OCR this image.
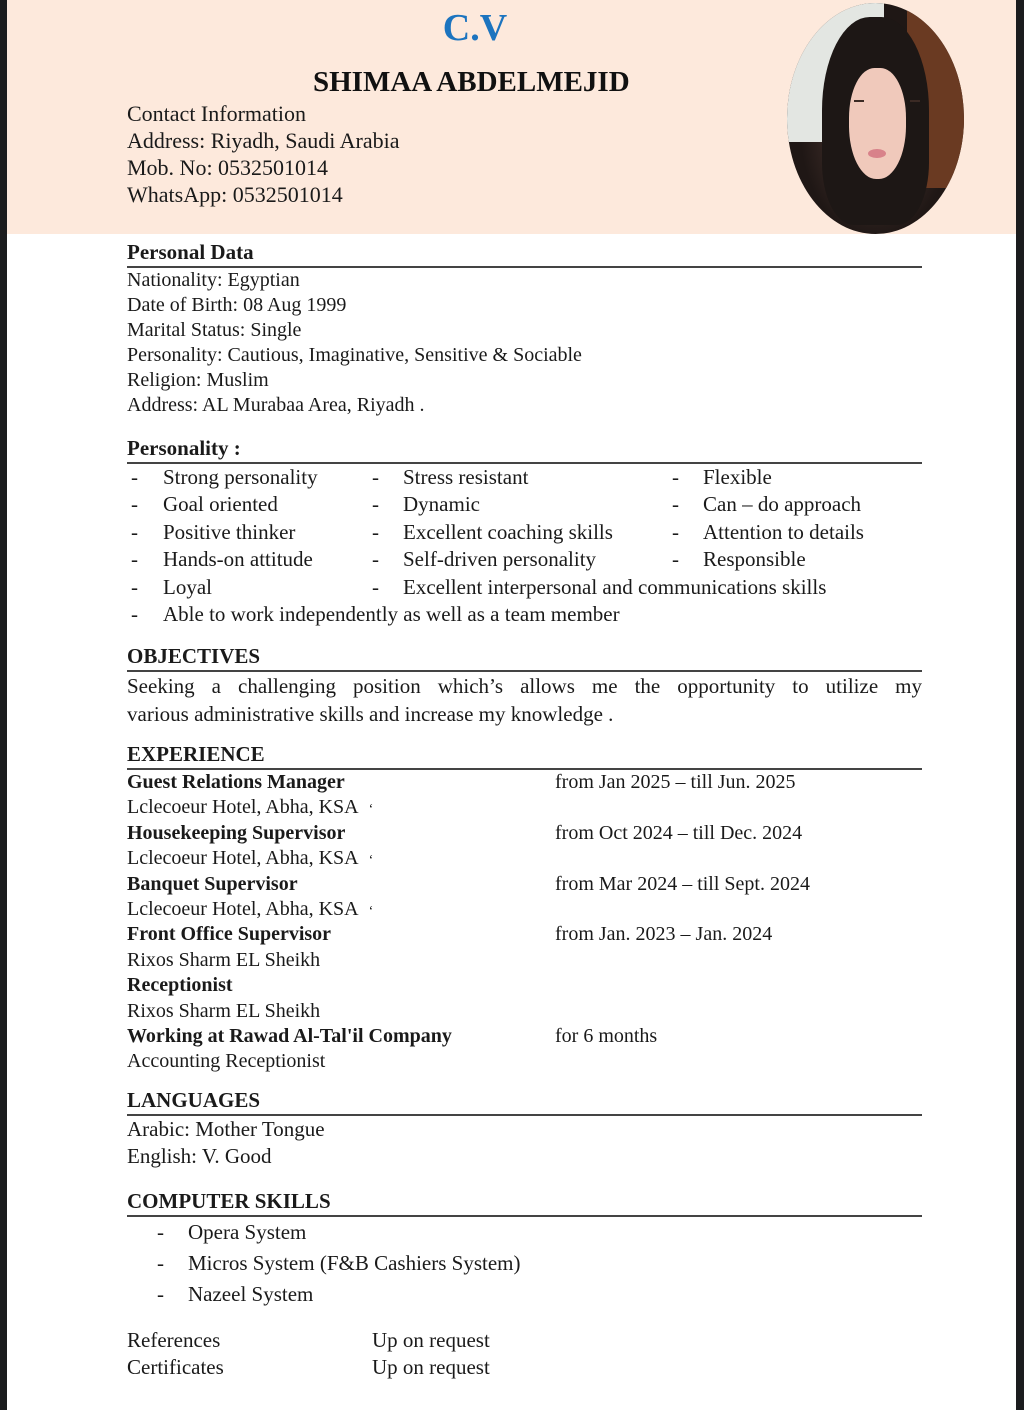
C.V
SHIMAA ABDELMEJID
Contact Information
Address: Riyadh, Saudi Arabia
Mob. No: 0532501014
WhatsApp: 0532501014
Personal Data
Nationality: Egyptian
Date of Birth: 08 Aug 1999
Marital Status: Single
Personality: Cautious, Imaginative, Sensitive & Sociable
Religion: Muslim
Address: AL Murabaa Area, Riyadh .
Personality :
- Strong personality	- Stress resistant	- Flexible
- Goal oriented	- Dynamic	- Can – do approach
- Positive thinker	- Excellent coaching skills	- Attention to details
- Hands-on attitude	- Self-driven personality	- Responsible
- Loyal	- Excellent interpersonal and communications skills
- Able to work independently as well as a team member
OBJECTIVES
Seeking a challenging position which’s allows me the opportunity to utilize my
various administrative skills and increase my knowledge .
EXPERIENCE
Guest Relations Manager	from Jan 2025 – till Jun. 2025
Lclecoeur Hotel, Abha, KSA ‘
Housekeeping Supervisor	from Oct 2024 – till Dec. 2024
Lclecoeur Hotel, Abha, KSA ‘
Banquet Supervisor	from Mar 2024 – till Sept. 2024
Lclecoeur Hotel, Abha, KSA ‘
Front Office Supervisor	from Jan. 2023 – Jan. 2024
Rixos Sharm EL Sheikh
Receptionist
Rixos Sharm EL Sheikh
Working at Rawad Al-Tal'il Company	for 6 months
Accounting Receptionist
LANGUAGES
Arabic: Mother Tongue
English: V. Good
COMPUTER SKILLS
- Opera System
- Micros System (F&B Cashiers System)
- Nazeel System
References	Up on request
Certificates	Up on request
